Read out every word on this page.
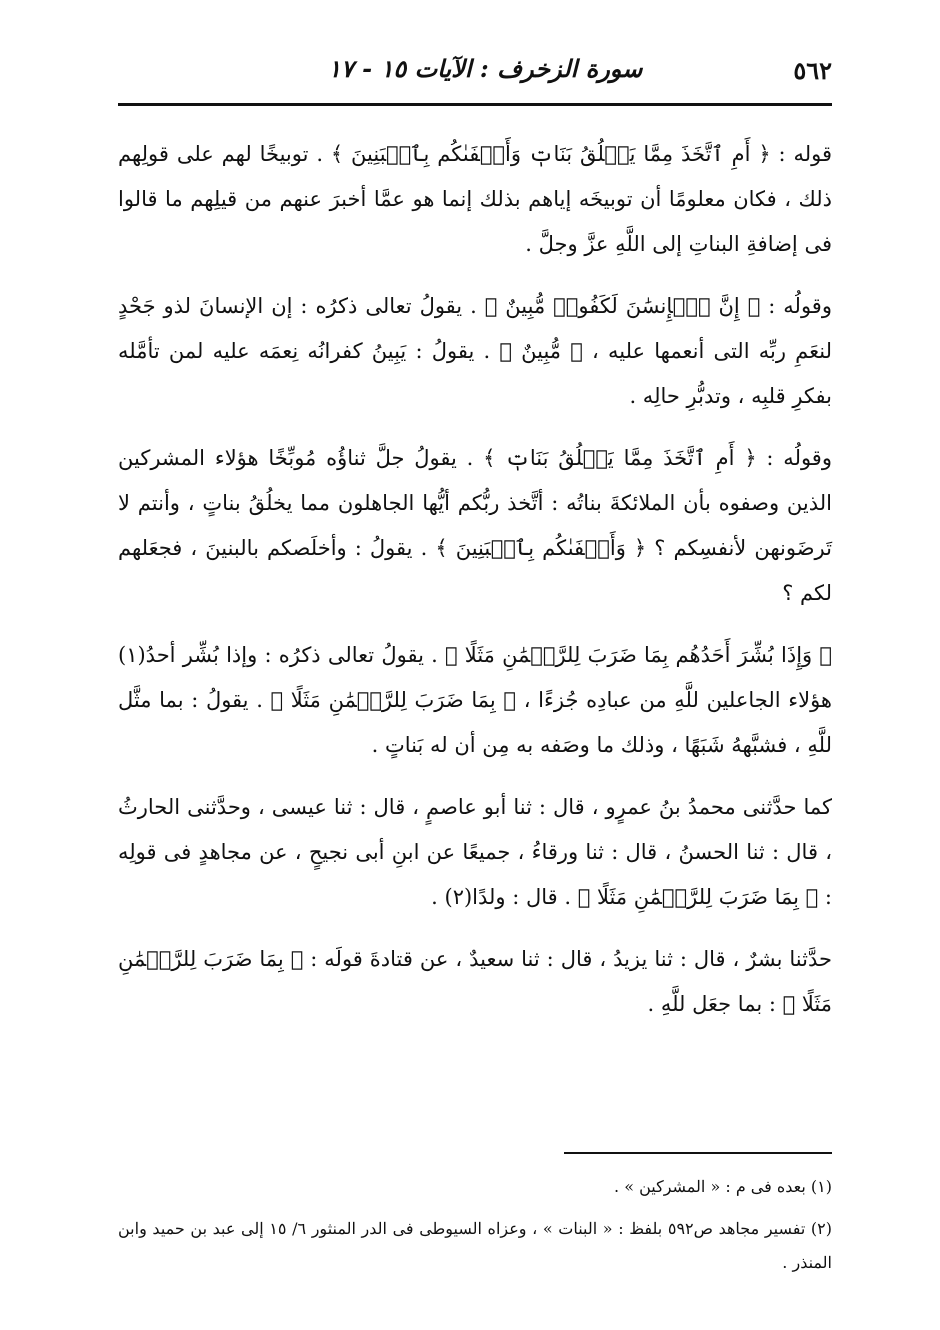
٥٦٢
سورة الزخرف : الآيات ١٥ - ١٧

قوله : ﴿ أَمِ ٱتَّخَذَ مِمَّا يَخۡلُقُ بَنَاتٖ وَأَصۡفَىٰكُم بِٱلۡبَنِينَ ﴾ . توبيخًا لهم على قولِهم ذلك ، فكان معلومًا أن توبيخَه إياهم بذلك إنما هو عمَّا أخبرَ عنهم من قيلِهم ما قالوا فى إضافةِ البناتِ إلى اللَّهِ عزَّ وجلَّ .

وقولُه : ﴿ إِنَّ ٱلۡإِنسَٰنَ لَكَفُورٞ مُّبِينٌ ﴾ . يقولُ تعالى ذكرُه : إن الإنسانَ لذو جَحْدٍ لنعَمِ ربِّه التى أنعمها عليه ، ﴿ مُّبِينٌ ﴾ . يقولُ : يَبِينُ كفرانُه نِعمَه عليه لمن تأمَّله بفكرِ قلبِه ، وتدبُّرِ حالِه .

وقولُه : ﴿ أَمِ ٱتَّخَذَ مِمَّا يَخۡلُقُ بَنَاتٖ ﴾ . يقولُ جلَّ ثناؤُه مُوبِّخًا هؤلاء المشركين الذين وصفوه بأن الملائكةَ بناتُه : أتَّخذ ربُّكم أيُّها الجاهلون مما يخلُقُ بناتٍ ، وأنتم لا تَرضَونهن لأنفسِكم ؟ ﴿ وَأَصۡفَىٰكُم بِٱلۡبَنِينَ ﴾ . يقولُ : وأخلَصكم بالبنينَ ، فجعَلهم لكم ؟

﴿ وَإِذَا بُشِّرَ أَحَدُهُم بِمَا ضَرَبَ لِلرَّحۡمَٰنِ مَثَلًا ﴾ . يقولُ تعالى ذكرُه : وإذا بُشِّر أحدُ(١) هؤلاء الجاعلين للَّهِ من عبادِه جُزءًا ، ﴿ بِمَا ضَرَبَ لِلرَّحۡمَٰنِ مَثَلًا ﴾ . يقولُ : بما مثَّل للَّهِ ، فشبَّههُ شَبَهًا ، وذلك ما وصَفه به مِن أن له بَناتٍ .

كما حدَّثنى محمدُ بنُ عمرٍو ، قال : ثنا أبو عاصمٍ ، قال : ثنا عيسى ، وحدَّثنى الحارثُ ، قال : ثنا الحسنُ ، قال : ثنا ورقاءُ ، جميعًا عن ابنِ أبى نجيحٍ ، عن مجاهدٍ فى قولِه : ﴿ بِمَا ضَرَبَ لِلرَّحۡمَٰنِ مَثَلًا ﴾ . قال : ولدًا(٢) .

حدَّثنا بشرٌ ، قال : ثنا يزيدُ ، قال : ثنا سعيدٌ ، عن قتادةَ قولَه : ﴿ بِمَا ضَرَبَ لِلرَّحۡمَٰنِ مَثَلًا ﴾ : بما جعَل للَّهِ .

(١) بعده فى م : « المشركين » .

(٢) تفسير مجاهد ص٥٩٢ بلفظ : « البنات » ، وعزاه السيوطى فى الدر المنثور ٦/ ١٥ إلى عبد بن حميد وابن المنذر .
